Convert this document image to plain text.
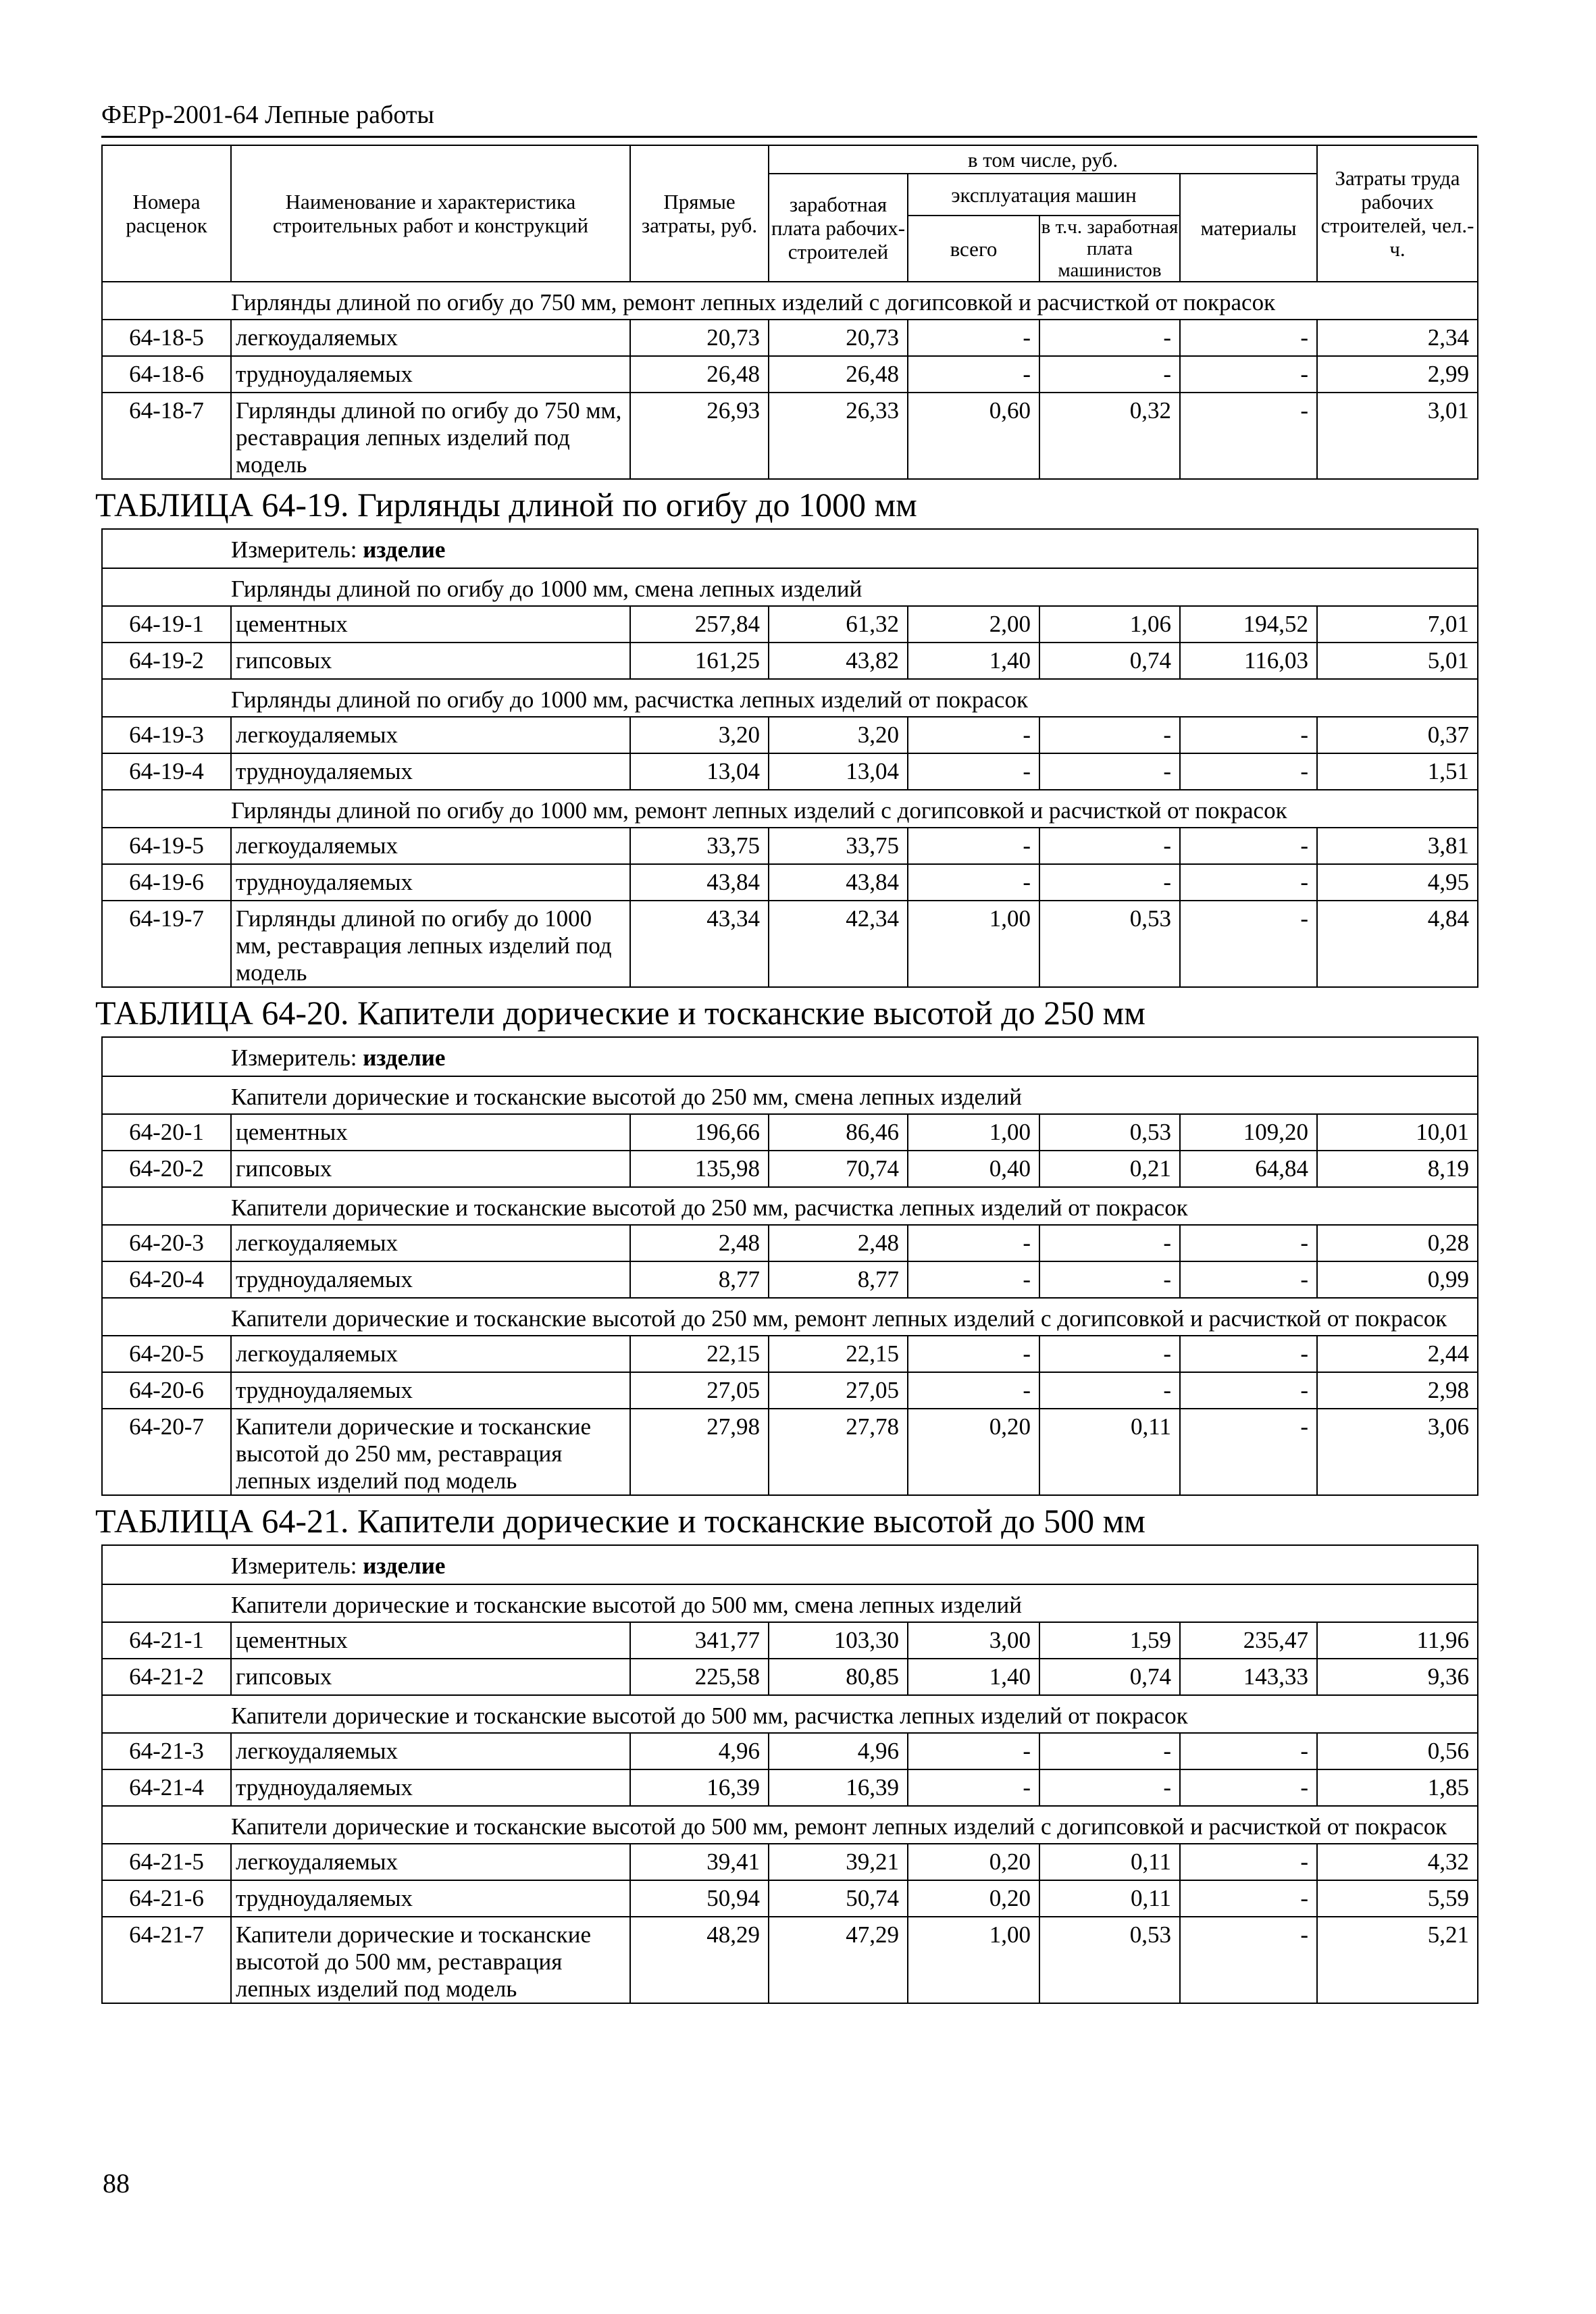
ФЕРр-2001-64 Лепные работы
Номера расценок	Наименование и характеристика строительных работ и конструкций	Прямые затраты, руб.	в том числе, руб.				Затраты труда рабочих строителей, чел.-ч.
			заработная плата рабочих-строителей	эксплуатация машин		материалы	
				всего	в т.ч. заработная плата машинистов		
Гирлянды длиной по огибу до 750 мм, ремонт лепных изделий с догипсовкой и расчисткой от покрасок							
64-18-5	легкоудаляемых	20,73	20,73	-	-	-	2,34
64-18-6	трудноудаляемых	26,48	26,48	-	-	-	2,99
64-18-7	Гирлянды длиной по огибу до 750 мм, реставрация лепных изделий под модель	26,93	26,33	0,60	0,32	-	3,01
ТАБЛИЦА 64-19. Гирлянды длиной по огибу до 1000 мм							
Измеритель: изделие							
Гирлянды длиной по огибу до 1000 мм, смена лепных изделий							
64-19-1	цементных	257,84	61,32	2,00	1,06	194,52	7,01
64-19-2	гипсовых	161,25	43,82	1,40	0,74	116,03	5,01
Гирлянды длиной по огибу до 1000 мм, расчистка лепных изделий от покрасок							
64-19-3	легкоудаляемых	3,20	3,20	-	-	-	0,37
64-19-4	трудноудаляемых	13,04	13,04	-	-	-	1,51
Гирлянды длиной по огибу до 1000 мм, ремонт лепных изделий с догипсовкой и расчисткой от покрасок							
64-19-5	легкоудаляемых	33,75	33,75	-	-	-	3,81
64-19-6	трудноудаляемых	43,84	43,84	-	-	-	4,95
64-19-7	Гирлянды длиной по огибу до 1000 мм, реставрация лепных изделий под модель	43,34	42,34	1,00	0,53	-	4,84
ТАБЛИЦА 64-20. Капители дорические и тосканские высотой до 250 мм							
Измеритель: изделие							
Капители дорические и тосканские высотой до 250 мм, смена лепных изделий							
64-20-1	цементных	196,66	86,46	1,00	0,53	109,20	10,01
64-20-2	гипсовых	135,98	70,74	0,40	0,21	64,84	8,19
Капители дорические и тосканские высотой до 250 мм, расчистка лепных изделий от покрасок							
64-20-3	легкоудаляемых	2,48	2,48	-	-	-	0,28
64-20-4	трудноудаляемых	8,77	8,77	-	-	-	0,99
Капители дорические и тосканские высотой до 250 мм, ремонт лепных изделий с догипсовкой и расчисткой от покрасок							
64-20-5	легкоудаляемых	22,15	22,15	-	-	-	2,44
64-20-6	трудноудаляемых	27,05	27,05	-	-	-	2,98
64-20-7	Капители дорические и тосканские высотой до 250 мм, реставрация лепных изделий под модель	27,98	27,78	0,20	0,11	-	3,06
ТАБЛИЦА 64-21. Капители дорические и тосканские высотой до 500 мм							
Измеритель: изделие							
Капители дорические и тосканские высотой до 500 мм, смена лепных изделий							
64-21-1	цементных	341,77	103,30	3,00	1,59	235,47	11,96
64-21-2	гипсовых	225,58	80,85	1,40	0,74	143,33	9,36
Капители дорические и тосканские высотой до 500 мм, расчистка лепных изделий от покрасок							
64-21-3	легкоудаляемых	4,96	4,96	-	-	-	0,56
64-21-4	трудноудаляемых	16,39	16,39	-	-	-	1,85
Капители дорические и тосканские высотой до 500 мм, ремонт лепных изделий с догипсовкой и расчисткой от покрасок							
64-21-5	легкоудаляемых	39,41	39,21	0,20	0,11	-	4,32
64-21-6	трудноудаляемых	50,94	50,74	0,20	0,11	-	5,59
64-21-7	Капители дорические и тосканские высотой до 500 мм, реставрация лепных изделий под модель	48,29	47,29	1,00	0,53	-	5,21
88
